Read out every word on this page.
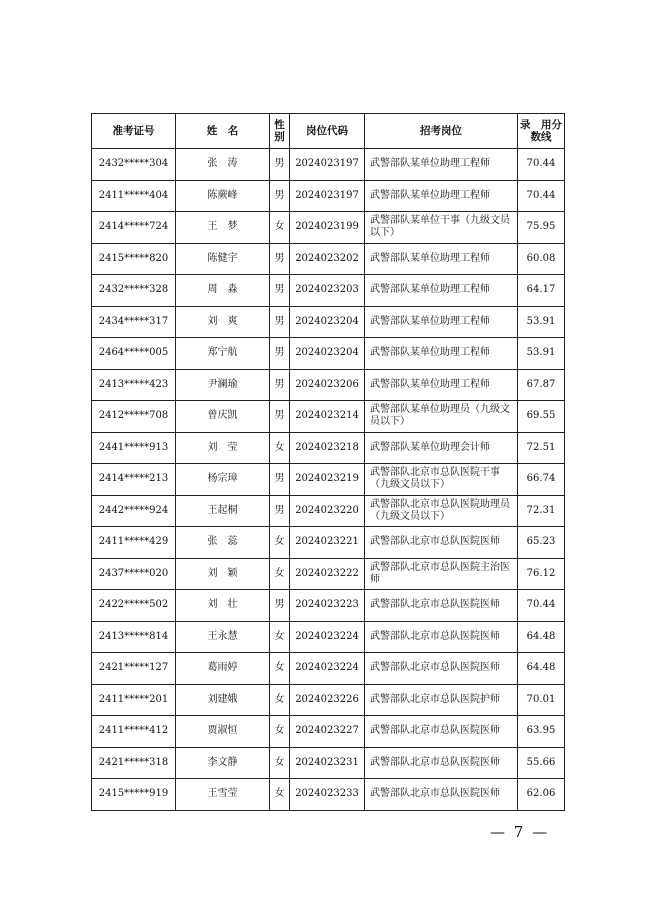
准考证号	姓　名	性别	岗位代码	招考岗位	录　用分数线
2432*****304	张　涛	男	2024023197	武警部队某单位助理工程师	70.44
2411*****404	陈蕨峰	男	2024023197	武警部队某单位助理工程师	70.44
2414*****724	王　梦	女	2024023199	武警部队某单位干事（九级文员以下）	75.95
2415*****820	陈健宇	男	2024023202	武警部队某单位助理工程师	60.08
2432*****328	周　淼	男	2024023203	武警部队某单位助理工程师	64.17
2434*****317	刘　爽	男	2024023204	武警部队某单位助理工程师	53.91
2464*****005	郑宁航	男	2024023204	武警部队某单位助理工程师	53.91
2413*****423	尹澜瑜	男	2024023206	武警部队某单位助理工程师	67.87
2412*****708	曾庆凯	男	2024023214	武警部队某单位助理员（九级文员以下）	69.55
2441*****913	刘　莹	女	2024023218	武警部队某单位助理会计师	72.51
2414*****213	杨宗璋	男	2024023219	武警部队北京市总队医院干事（九级文员以下）	66.74
2442*****924	王起桐	男	2024023220	武警部队北京市总队医院助理员（九级文员以下）	72.31
2411*****429	张　蕊	女	2024023221	武警部队北京市总队医院医师	65.23
2437*****020	刘　颖	女	2024023222	武警部队北京市总队医院主治医师	76.12
2422*****502	刘　壮	男	2024023223	武警部队北京市总队医院医师	70.44
2413*****814	王永慧	女	2024023224	武警部队北京市总队医院医师	64.48
2421*****127	葛雨婷	女	2024023224	武警部队北京市总队医院医师	64.48
2411*****201	刘建娥	女	2024023226	武警部队北京市总队医院护师	70.01
2411*****412	贾淑恒	女	2024023227	武警部队北京市总队医院医师	63.95
2421*****318	李文静	女	2024023231	武警部队北京市总队医院医师	55.66
2415*****919	王雪莹	女	2024023233	武警部队北京市总队医院医师	62.06
— 7 —
